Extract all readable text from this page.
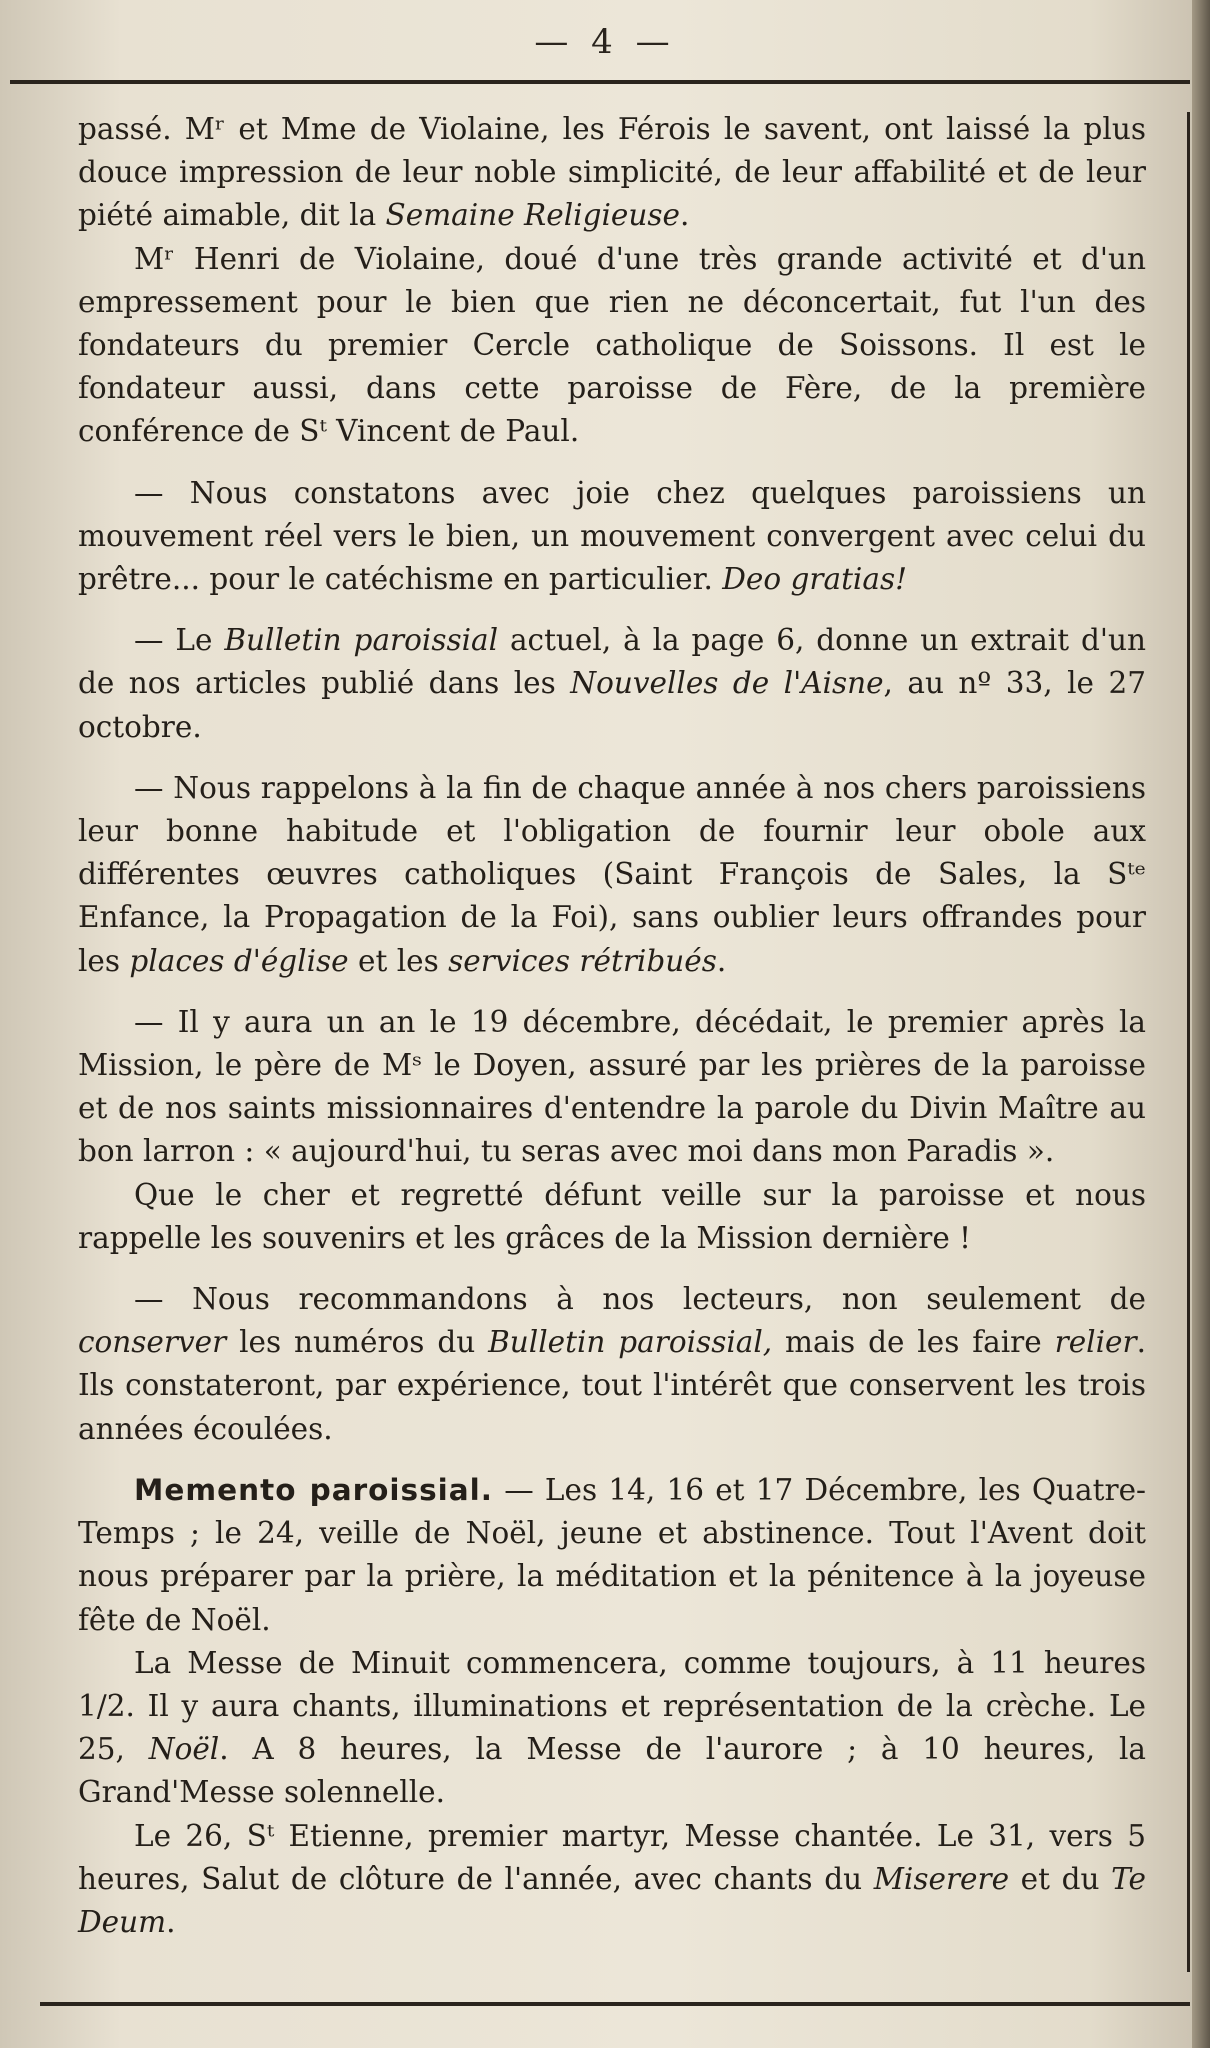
— 4 —

passé. Mʳ et Mme de Violaine, les Férois le savent, ont laissé la plus douce impression de leur noble simplicité, de leur affabilité et de leur piété aimable, dit la Semaine Religieuse.

Mʳ Henri de Violaine, doué d'une très grande activité et d'un empressement pour le bien que rien ne déconcertait, fut l'un des fondateurs du premier Cercle catholique de Soissons. Il est le fondateur aussi, dans cette paroisse de Fère, de la première conférence de Sᵗ Vincent de Paul.

— Nous constatons avec joie chez quelques paroissiens un mouvement réel vers le bien, un mouvement convergent avec celui du prêtre... pour le catéchisme en particulier. Deo gratias!

— Le Bulletin paroissial actuel, à la page 6, donne un extrait d'un de nos articles publié dans les Nouvelles de l'Aisne, au nº 33, le 27 octobre.

— Nous rappelons à la fin de chaque année à nos chers paroissiens leur bonne habitude et l'obligation de fournir leur obole aux différentes œuvres catholiques (Saint François de Sales, la Sᵗᵉ Enfance, la Propagation de la Foi), sans oublier leurs offrandes pour les places d'église et les services rétribués.

— Il y aura un an le 19 décembre, décédait, le premier après la Mission, le père de Mˢ le Doyen, assuré par les prières de la paroisse et de nos saints missionnaires d'entendre la parole du Divin Maître au bon larron : « aujourd'hui, tu seras avec moi dans mon Paradis ».

Que le cher et regretté défunt veille sur la paroisse et nous rappelle les souvenirs et les grâces de la Mission dernière !

— Nous recommandons à nos lecteurs, non seulement de conserver les numéros du Bulletin paroissial, mais de les faire relier. Ils constateront, par expérience, tout l'intérêt que conservent les trois années écoulées.

Memento paroissial. — Les 14, 16 et 17 Décembre, les Quatre-Temps ; le 24, veille de Noël, jeune et abstinence. Tout l'Avent doit nous préparer par la prière, la méditation et la pénitence à la joyeuse fête de Noël.

La Messe de Minuit commencera, comme toujours, à 11 heures 1/2. Il y aura chants, illuminations et représentation de la crèche. Le 25, Noël. A 8 heures, la Messe de l'aurore ; à 10 heures, la Grand'Messe solennelle.

Le 26, Sᵗ Etienne, premier martyr, Messe chantée. Le 31, vers 5 heures, Salut de clôture de l'année, avec chants du Miserere et du Te Deum.
